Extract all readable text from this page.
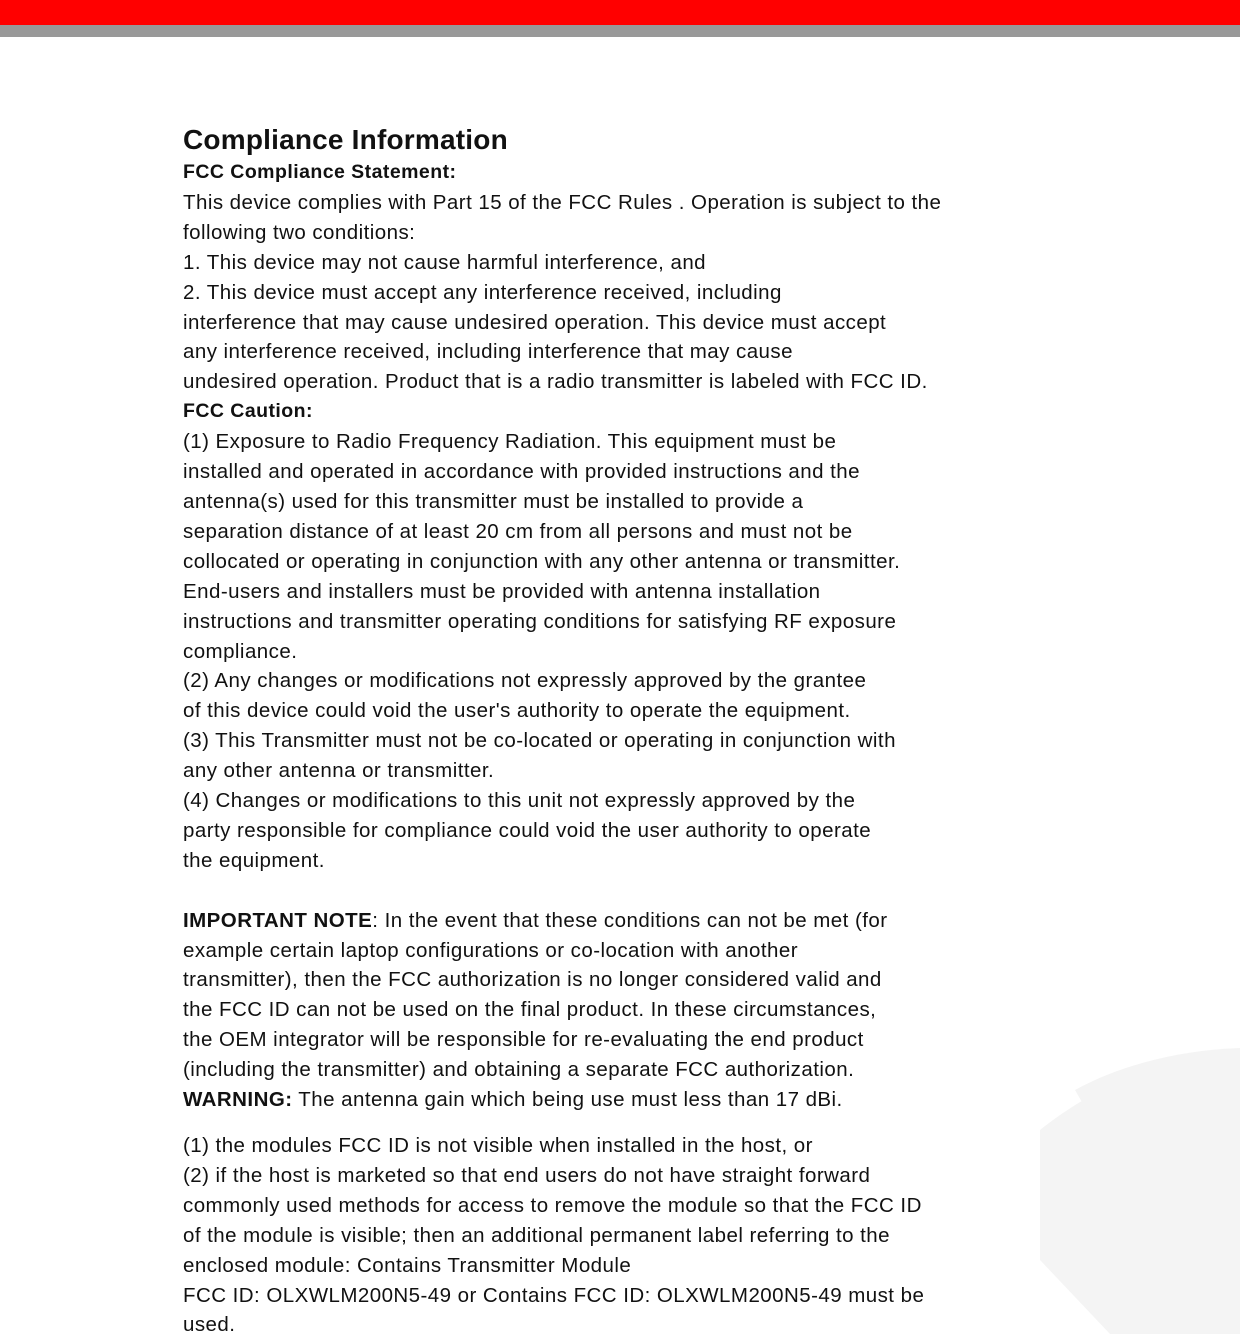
Compliance Information
FCC Compliance Statement:
This device complies with Part 15 of the FCC Rules . Operation is subject to the
following two conditions:
1. This device may not cause harmful interference, and
2. This device must accept any interference received, including
interference that may cause undesired operation. This device must accept
any interference received, including interference that may cause
undesired operation. Product that is a radio transmitter is labeled with FCC ID.
FCC Caution:
(1) Exposure to Radio Frequency Radiation. This equipment must be
installed and operated in accordance with provided instructions and the
antenna(s) used for this transmitter must be installed to provide a
separation distance of at least 20 cm from all persons and must not be
collocated or operating in conjunction with any other antenna or transmitter.
End-users and installers must be provided with antenna installation
instructions and transmitter operating conditions for satisfying RF exposure
compliance.
(2) Any changes or modifications not expressly approved by the grantee
of this device could void the user's authority to operate the equipment.
(3) This Transmitter must not be co-located or operating in conjunction with
any other antenna or transmitter.
(4) Changes or modifications to this unit not expressly approved by the
party responsible for compliance could void the user authority to operate
the equipment.
IMPORTANT NOTE: In the event that these conditions can not be met (for
example certain laptop configurations or co-location with another
transmitter), then the FCC authorization is no longer considered valid and
the FCC ID can not be used on the final product. In these circumstances,
the OEM integrator will be responsible for re-evaluating the end product
(including the transmitter) and obtaining a separate FCC authorization.
WARNING: The antenna gain which being use must less than 17 dBi.
(1) the modules FCC ID is not visible when installed in the host, or
(2) if the host is marketed so that end users do not have straight forward
commonly used methods for access to remove the module so that the FCC ID
of the module is visible; then an additional permanent label referring to the
enclosed module: Contains Transmitter Module
FCC ID: OLXWLM200N5-49 or Contains FCC ID: OLXWLM200N5-49 must be
used.
